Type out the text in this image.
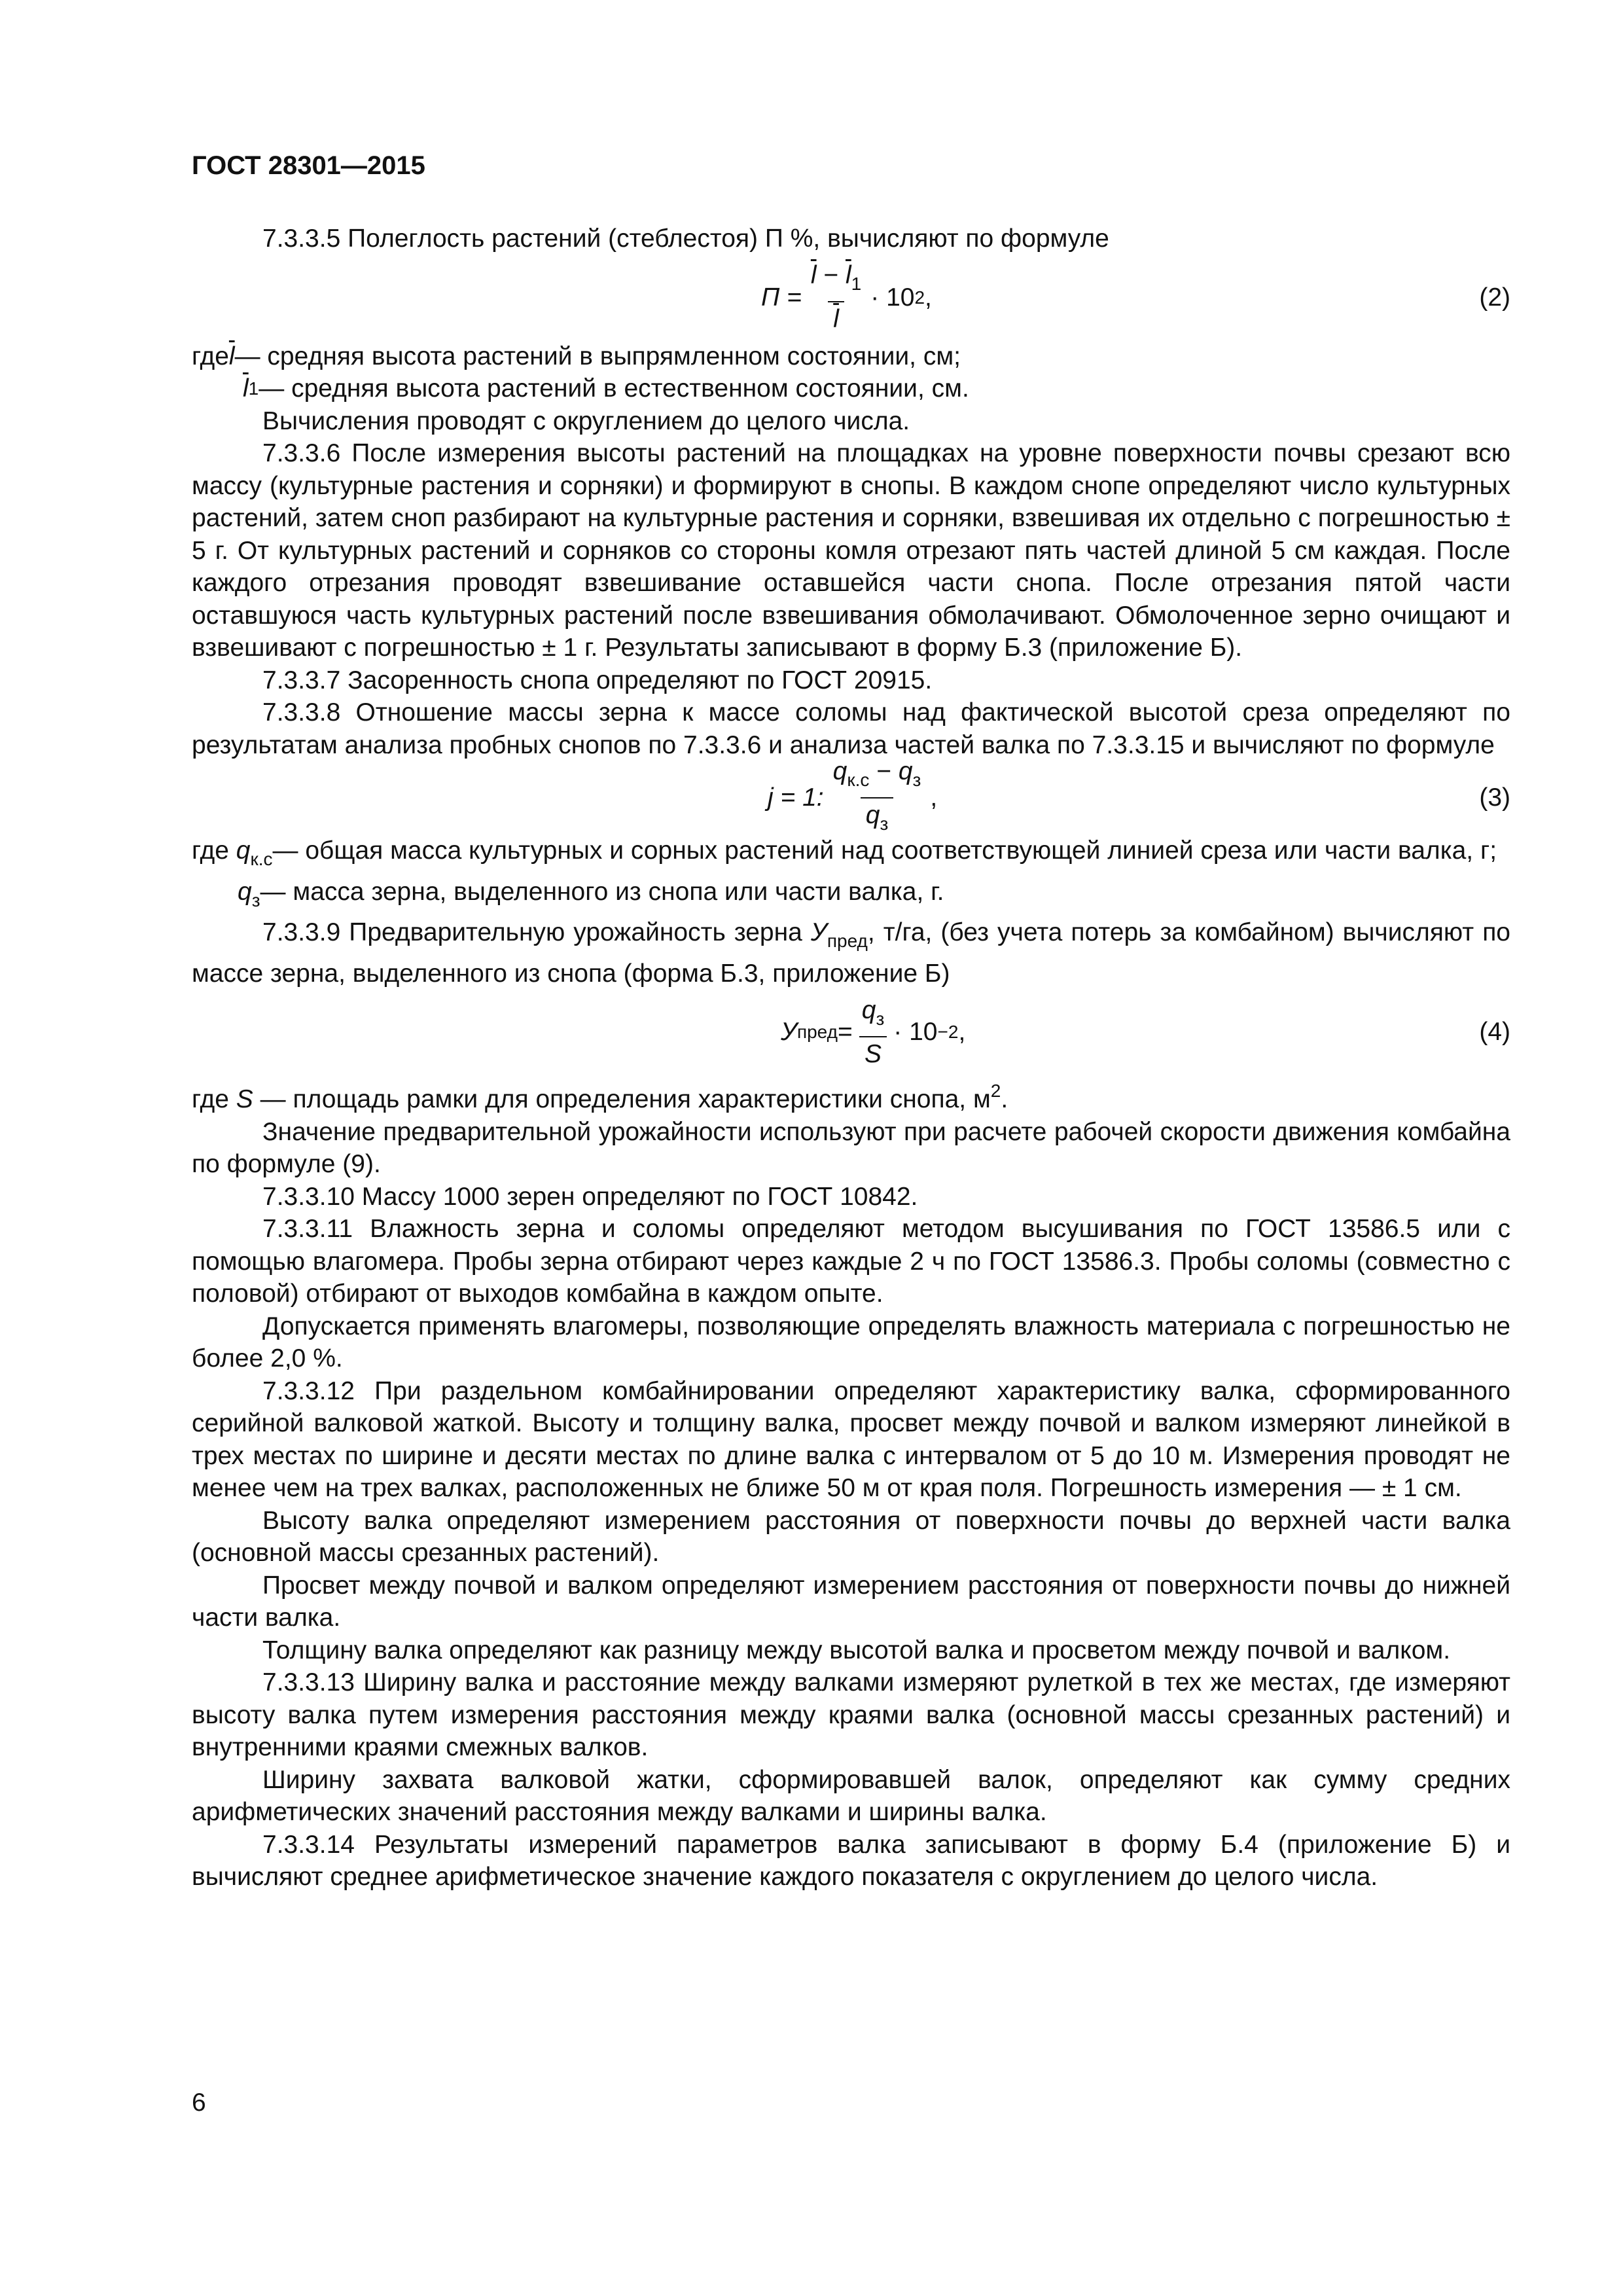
ГОСТ 28301—2015

7.3.3.5 Полеглость растений (стеблестоя) П %, вычисляют по формуле

$П = \frac{\overline{l} - \overline{l}_1}{l} \cdot 10$ 2 ,	(2)
где $\overline{l}$ — средняя высота растений в выпрямленном состоянии, см;
$\overline{l}$ 1 — средняя высота растений в естественном состоянии, см.

Вычисления проводят с округлением до целого числа.

7.3.3.6 После измерения высоты растений на площадках на уровне поверхности почвы срезают всю массу (культурные растения и сорняки) и формируют в снопы. В каждом снопе определяют число культурных растений, затем сноп разбирают на культурные растения и сорняки, взвешивая их отдельно с погрешностью ± 5 г. От культурных растений и сорняков со стороны комля отрезают пять частей длиной 5 см каждая. После каждого отрезания проводят взвешивание оставшейся части снопа. После отрезания пятой части оставшуюся часть культурных растений после взвешивания обмолачивают. Обмолоченное зерно очищают и взвешивают с погрешностью ± 1 г. Результаты записывают в форму Б.3 (приложение Б).

7.3.3.7 Засоренность снопа определяют по ГОСТ 20915.

7.3.3.8 Отношение массы зерна к массе соломы над фактической высотой среза определяют по результатам анализа пробных снопов по 7.3.3.6 и анализа частей валка по 7.3.3.15 и вычисляют по формуле

j = 1: $\frac{q_{к.с} - q_з}{q_з}$ ,	(3)
где $q_{к.с}$ — общая масса культурных и сорных растений над соответствующей линией среза или части валка, г;
$q_з$ — масса зерна, выделенного из снопа или части валка, г.

7.3.3.9 Предварительную урожайность зерна $У_{пред}$, т/га, (без учета потерь за комбайном) вычисляют по массе зерна, выделенного из снопа (форма Б.3, приложение Б)

У пред = $\frac{q_з}{S} \cdot 10 -2$ ,	(4)

где S — площадь рамки для определения характеристики снопа, $м^2$.

Значение предварительной урожайности используют при расчете рабочей скорости движения комбайна по формуле (9).

7.3.3.10 Массу 1000 зерен определяют по ГОСТ 10842.

7.3.3.11 Влажность зерна и соломы определяют методом высушивания по ГОСТ 13586.5 или с помощью влагомера. Пробы зерна отбирают через каждые 2 ч по ГОСТ 13586.3. Пробы соломы (совместно с половой) отбирают от выходов комбайна в каждом опыте.

Допускается применять влагомеры, позволяющие определять влажность материала с погрешностью не более 2,0 %.

7.3.3.12 При раздельном комбайнировании определяют характеристику валка, сформированного серийной валковой жаткой. Высоту и толщину валка, просвет между почвой и валком измеряют линейкой в трех местах по ширине и десяти местах по длине валка с интервалом от 5 до 10 м. Измерения проводят не менее чем на трех валках, расположенных не ближе 50 м от края поля. Погрешность измерения — ± 1 см.

Высоту валка определяют измерением расстояния от поверхности почвы до верхней части валка (основной массы срезанных растений).

Просвет между почвой и валком определяют измерением расстояния от поверхности почвы до нижней части валка.

Толщину валка определяют как разницу между высотой валка и просветом между почвой и валком.

7.3.3.13 Ширину валка и расстояние между валками измеряют рулеткой в тех же местах, где измеряют высоту валка путем измерения расстояния между краями валка (основной массы срезанных растений) и внутренними краями смежных валков.

Ширину захвата валковой жатки, сформировавшей валок, определяют как сумму средних арифметических значений расстояния между валками и ширины валка.

7.3.3.14 Результаты измерений параметров валка записывают в форму Б.4 (приложение Б) и вычисляют среднее арифметическое значение каждого показателя с округлением до целого числа.

6
